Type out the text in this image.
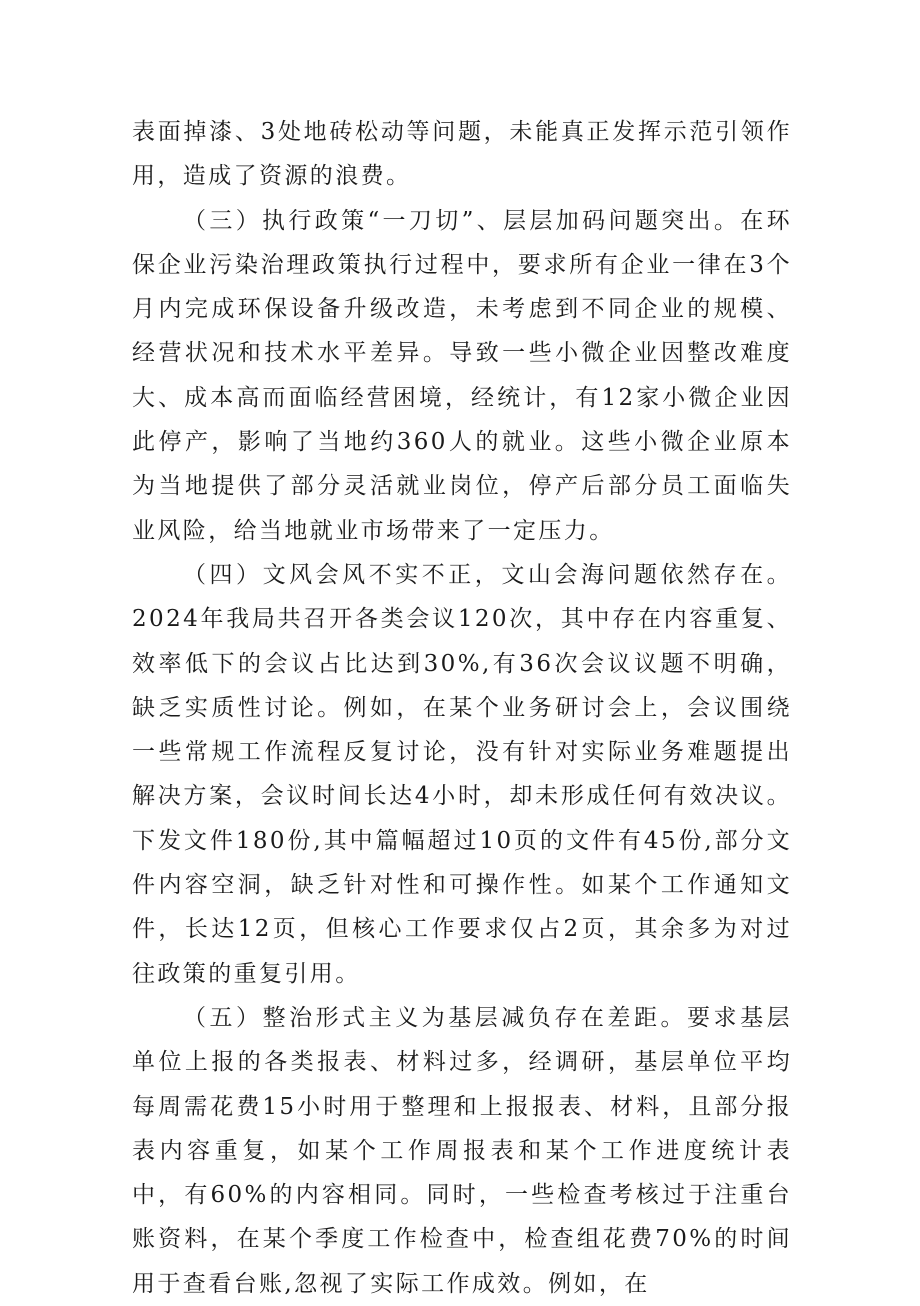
表面掉漆、3处地砖松动等问题，未能真正发挥示范引领作用，造成了资源的浪费。

（三）执行政策“一刀切”、层层加码问题突出。在环保企业污染治理政策执行过程中，要求所有企业一律在3个月内完成环保设备升级改造，未考虑到不同企业的规模、经营状况和技术水平差异。导致一些小微企业因整改难度大、成本高而面临经营困境，经统计，有12家小微企业因此停产，影响了当地约360人的就业。这些小微企业原本为当地提供了部分灵活就业岗位，停产后部分员工面临失业风险，给当地就业市场带来了一定压力。

（四）文风会风不实不正，文山会海问题依然存在。2024年我局共召开各类会议120次，其中存在内容重复、效率低下的会议占比达到30%,有36次会议议题不明确，缺乏实质性讨论。例如，在某个业务研讨会上，会议围绕一些常规工作流程反复讨论，没有针对实际业务难题提出解决方案，会议时间长达4小时，却未形成任何有效决议。下发文件180份,其中篇幅超过10页的文件有45份,部分文件内容空洞，缺乏针对性和可操作性。如某个工作通知文件，长达12页，但核心工作要求仅占2页，其余多为对过往政策的重复引用。

（五）整治形式主义为基层减负存在差距。要求基层单位上报的各类报表、材料过多，经调研，基层单位平均每周需花费15小时用于整理和上报报表、材料，且部分报表内容重复，如某个工作周报表和某个工作进度统计表中，有60%的内容相同。同时，一些检查考核过于注重台账资料，在某个季度工作检查中，检查组花费70%的时间用于查看台账,忽视了实际工作成效。例如，在
